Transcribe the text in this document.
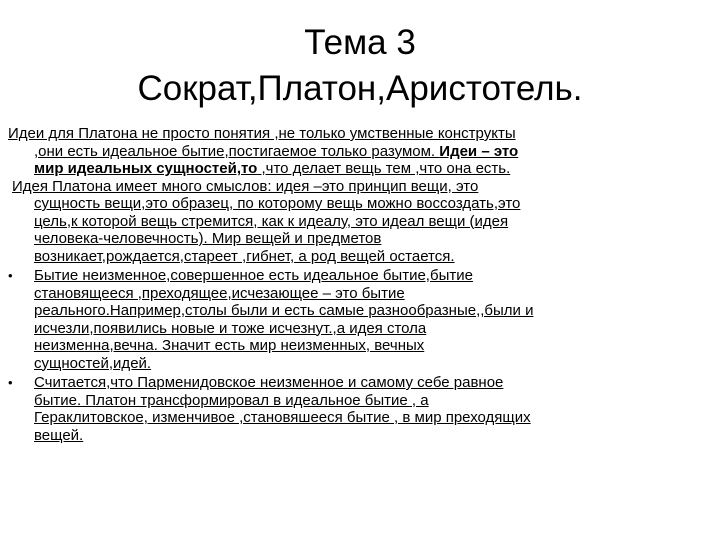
Тема 3
Сократ,Платон,Аристотель.

Идеи для Платона не просто понятия ,не только умственные конструкты
,они есть идеальное бытие,постигаемое только разумом. Идеи – это
мир идеальных сущностей,то ,что делает вещь тем ,что она есть.

Идея Платона имеет много смыслов: идея –это принцип вещи, это
сущность вещи,это образец, по которому вещь можно воссоздать,это
цель,к которой вещь стремится, как к идеалу, это идеал вещи (идея
человека-человечность). Мир вещей и предметов
возникает,рождается,стареет ,гибнет, а род вещей остается.

• Бытие неизменное,совершенное есть идеальное бытие,бытие
становящееся ,преходящее,исчезающее – это бытие
реального.Например,столы были и есть самые разнообразные,,были и
исчезли,появились новые и тоже исчезнут.,а идея стола
неизменна,вечна. Значит есть мир неизменных, вечных
сущностей,идей.

• Считается,что Парменидовское неизменное и самому себе равное
бытие. Платон трансформировал в идеальное бытие , а
Гераклитовское, изменчивое ,становяшееся бытие , в мир преходящих
вещей.
